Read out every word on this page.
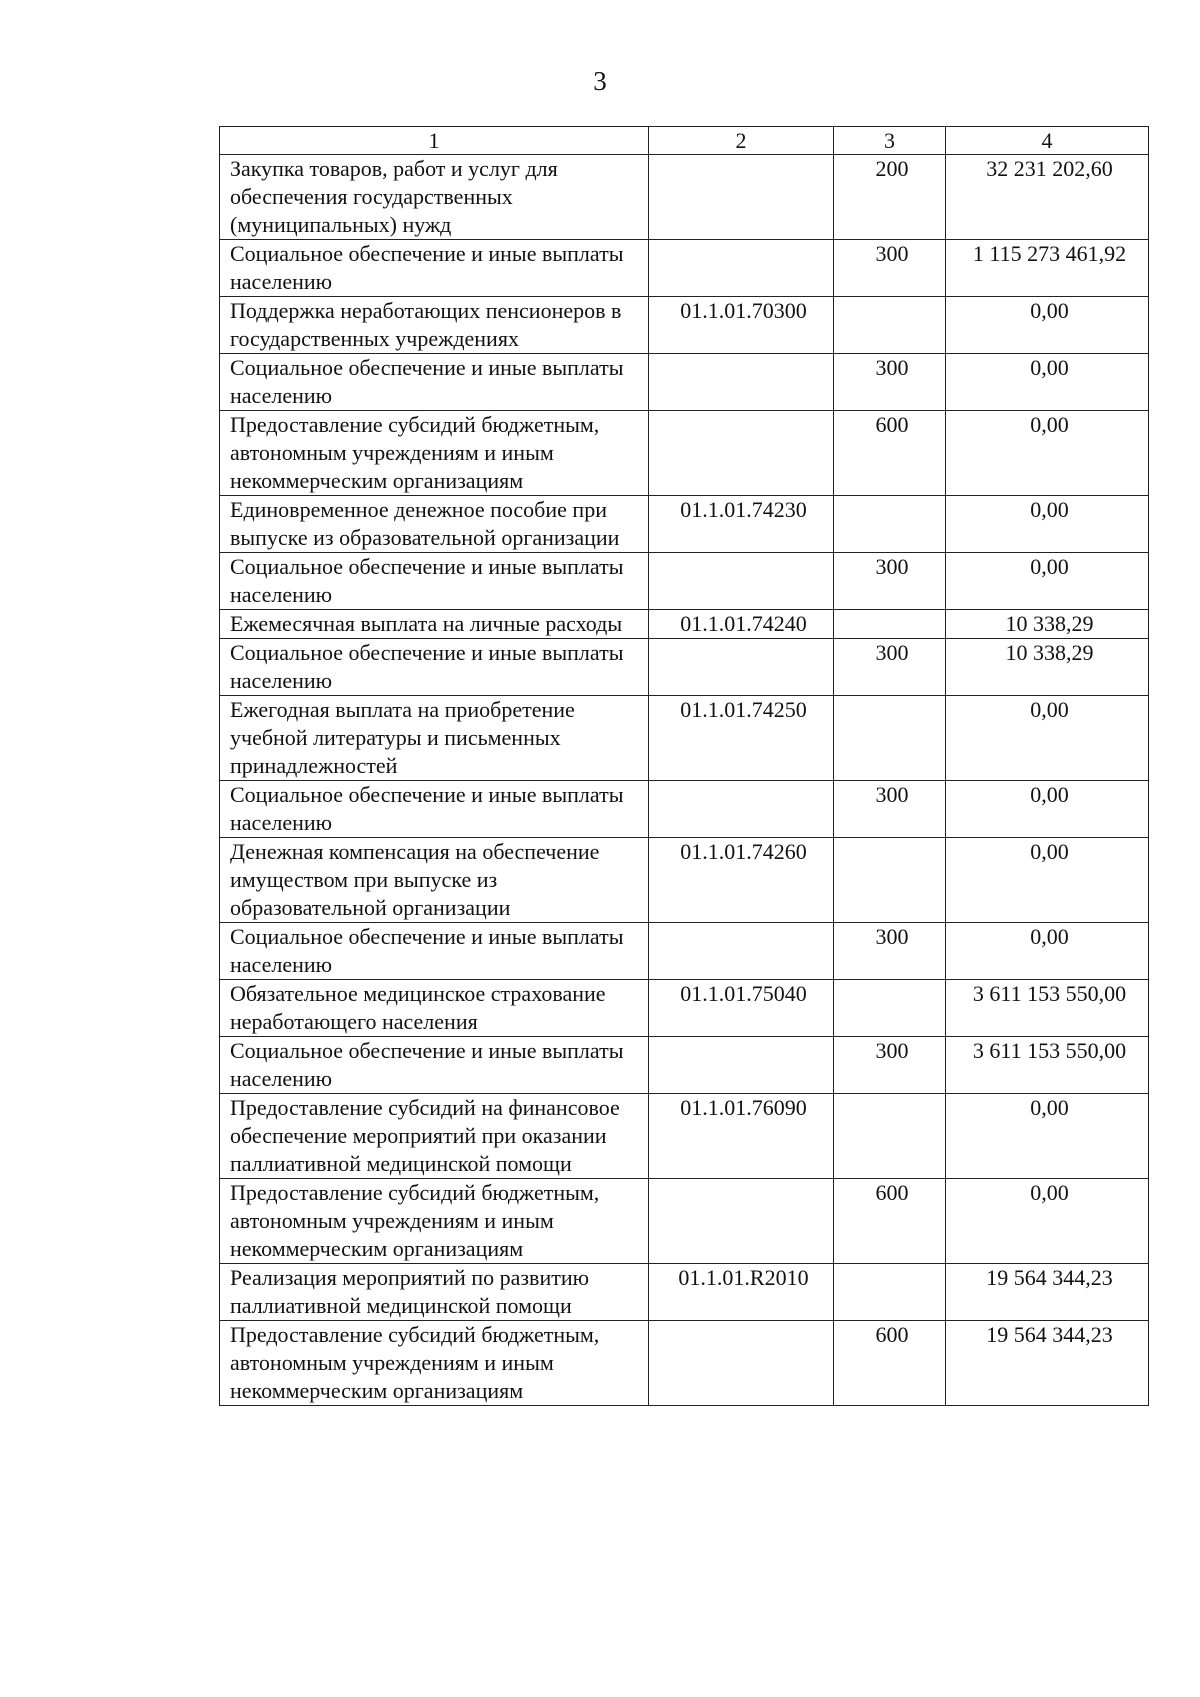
3
1	2	3	4
Закупка товаров, работ и услуг для обеспечения государственных (муниципальных) нужд		200	32 231 202,60
Социальное обеспечение и иные выплаты населению		300	1 115 273 461,92
Поддержка неработающих пенсионеров в государственных учреждениях	01.1.01.70300		0,00
Социальное обеспечение и иные выплаты населению		300	0,00
Предоставление субсидий бюджетным, автономным учреждениям и иным некоммерческим организациям		600	0,00
Единовременное денежное пособие при выпуске из образовательной организации	01.1.01.74230		0,00
Социальное обеспечение и иные выплаты населению		300	0,00
Ежемесячная выплата на личные расходы	01.1.01.74240		10 338,29
Социальное обеспечение и иные выплаты населению		300	10 338,29
Ежегодная выплата на приобретение учебной литературы и письменных принадлежностей	01.1.01.74250		0,00
Социальное обеспечение и иные выплаты населению		300	0,00
Денежная компенсация на обеспечение имуществом при выпуске из образовательной организации	01.1.01.74260		0,00
Социальное обеспечение и иные выплаты населению		300	0,00
Обязательное медицинское страхование неработающего населения	01.1.01.75040		3 611 153 550,00
Социальное обеспечение и иные выплаты населению		300	3 611 153 550,00
Предоставление субсидий на финансовое обеспечение мероприятий при оказании паллиативной медицинской помощи	01.1.01.76090		0,00
Предоставление субсидий бюджетным, автономным учреждениям и иным некоммерческим организациям		600	0,00
Реализация мероприятий по развитию паллиативной медицинской помощи	01.1.01.R2010		19 564 344,23
Предоставление субсидий бюджетным, автономным учреждениям и иным некоммерческим организациям		600	19 564 344,23
